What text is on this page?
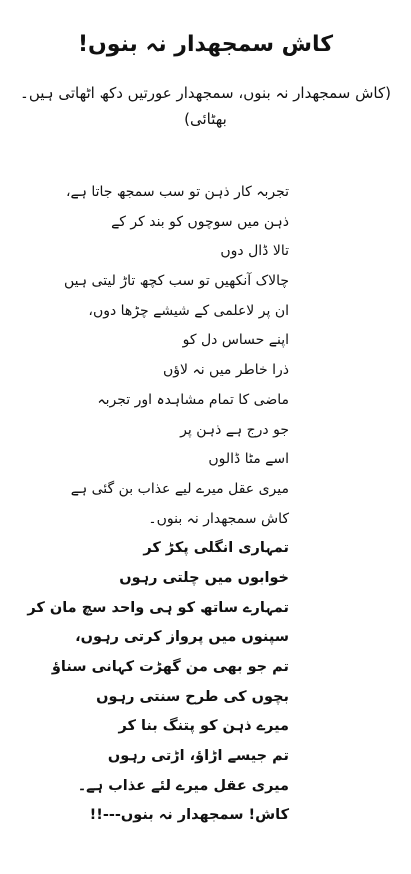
کاش سمجھدار نہ بنوں!
(کاش سمجھدار نہ بنوں، سمجھدار عورتیں دکھ اٹھاتی ہیں۔ بھٹائی)
تجربہ کار ذہن تو سب سمجھ جاتا ہے،
ذہن میں سوچوں کو بند کر کے
تالا ڈال دوں
چالاک آنکھیں تو سب کچھ تاڑ لیتی ہیں
ان پر لاعلمی کے شیشے چڑھا دوں،
اپنے حساس دل کو
ذرا خاطر میں نہ لاؤں
ماضی کا تمام مشاہدہ اور تجربہ
جو درج ہے ذہن پر
اسے مٹا ڈالوں
میری عقل میرے لیے عذاب بن گئی ہے
کاش سمجھدار نہ بنوں۔
تمہاری انگلی پکڑ کر
خوابوں میں چلتی رہوں
تمہارے ساتھ کو ہی واحد سچ مان کر
سپنوں میں پرواز کرتی رہوں،
تم جو بھی من گھڑت کہانی سناؤ
بچوں کی طرح سنتی رہوں
میرے ذہن کو پتنگ بنا کر
تم جیسے اڑاؤ، اڑتی رہوں
میری عقل میرے لئے عذاب ہے۔
کاش! سمجھدار نہ بنوں---!!
